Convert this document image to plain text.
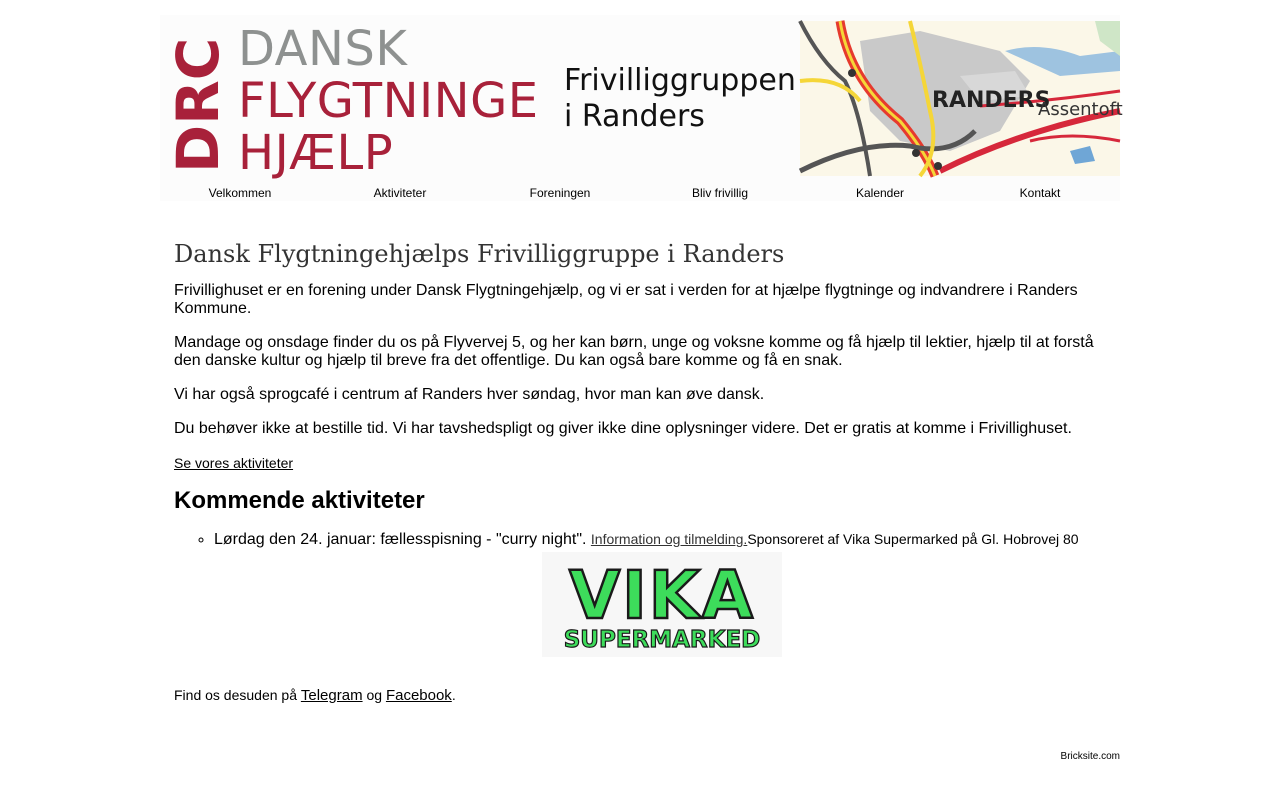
DRC DANSK
FLYGTNINGE
HJÆLP
Frivilliggruppen
i Randers	RANDERS
Assentoft
Velkommen	Aktiviteter	Foreningen	Bliv frivillig	Kalender	Kontakt
Dansk Flygtningehjælps Frivilliggruppe i Randers

Frivillighuset er en forening under Dansk Flygtningehjælp, og vi er sat i verden for at hjælpe flygtninge og indvandrere i Randers Kommune.

Mandage og onsdage finder du os på Flyvervej 5, og her kan børn, unge og voksne komme og få hjælp til lektier, hjælp til at forstå den danske kultur og hjælp til breve fra det offentlige. Du kan også bare komme og få en snak.

Vi har også sprogcafé i centrum af Randers hver søndag, hvor man kan øve dansk.

Du behøver ikke at bestille tid. Vi har tavshedspligt og giver ikke dine oplysninger videre. Det er gratis at komme i Frivillighuset.

Se vores aktiviteter
Kommende aktiviteter
◦ Lørdag den 24. januar: fællesspisning - "curry night". Information og tilmelding.Sponsoreret af Vika Supermarked på Gl. Hobrovej 80
VIKA
SUPERMARKED
Find os desuden på Telegram og Facebook.
Bricksite.com
